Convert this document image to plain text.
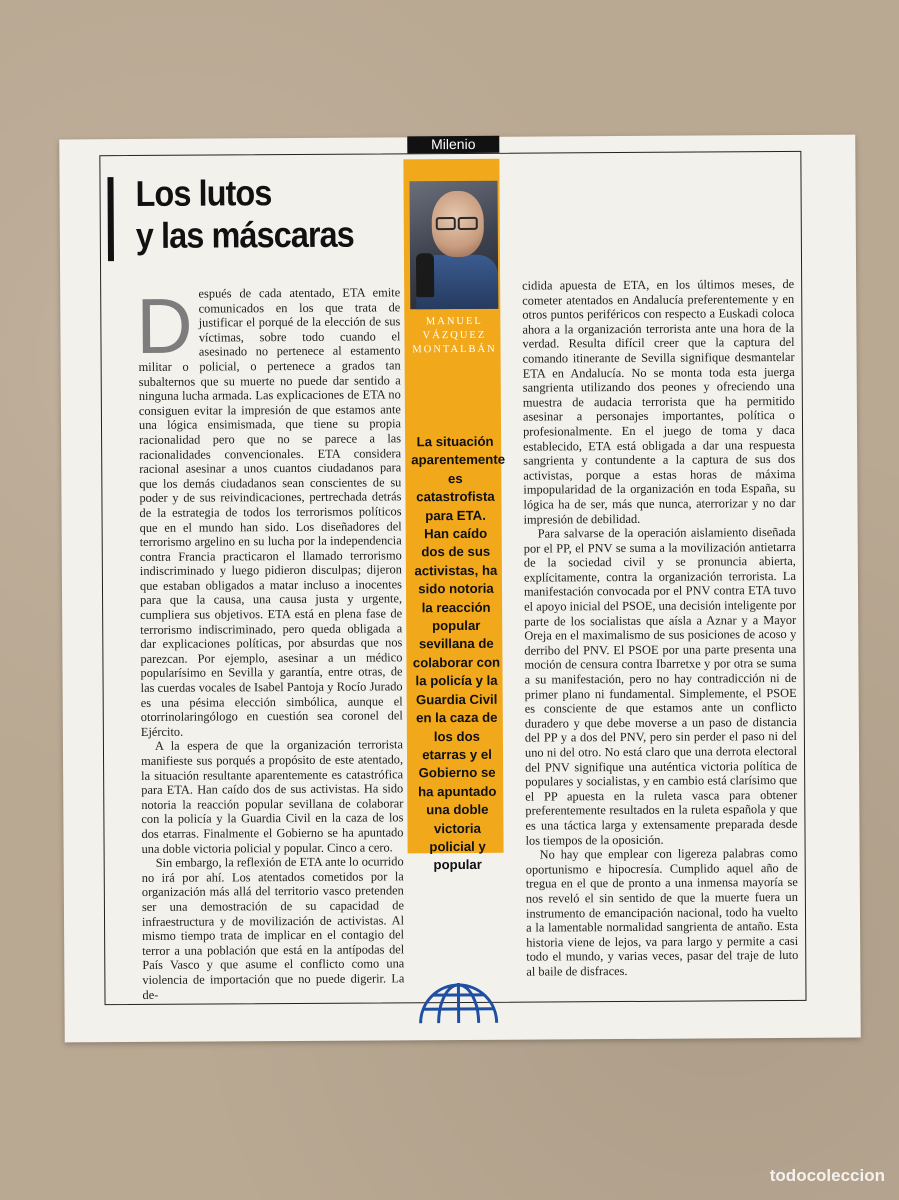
Milenio
Los lutos
y las máscaras
MANUEL
VÁZQUEZ
MONTALBÁN
La situación aparentemente es catastrofista para ETA. Han caído dos de sus activistas, ha sido notoria la reacción popular sevillana de colaborar con la policía y la Guardia Civil en la caza de los dos etarras y el Gobierno se ha apuntado una doble victoria policial y popular

Después de cada atentado, ETA emite comunicados en los que trata de justificar el porqué de la elección de sus víctimas, sobre todo cuando el asesinado no pertenece al estamento militar o policial, o pertenece a grados tan subalternos que su muerte no puede dar sentido a ninguna lucha armada. Las explicaciones de ETA no consiguen evitar la impresión de que estamos ante una lógica ensimismada, que tiene su propia racionalidad pero que no se parece a las racionalidades convencionales. ETA considera racional asesinar a unos cuantos ciudadanos para que los demás ciudadanos sean conscientes de su poder y de sus reivindicaciones, pertrechada detrás de la estrategia de todos los terrorismos políticos que en el mundo han sido. Los diseñadores del terrorismo argelino en su lucha por la independencia contra Francia practicaron el llamado terrorismo indiscriminado y luego pidieron disculpas; dijeron que estaban obligados a matar incluso a inocentes para que la causa, una causa justa y urgente, cumpliera sus objetivos. ETA está en plena fase de terrorismo indiscriminado, pero queda obligada a dar explicaciones políticas, por absurdas que nos parezcan. Por ejemplo, asesinar a un médico popularísimo en Sevilla y garantía, entre otras, de las cuerdas vocales de Isabel Pantoja y Rocío Jurado es una pésima elección simbólica, aunque el otorrinolaringólogo en cuestión sea coronel del Ejército.

A la espera de que la organización terrorista manifieste sus porqués a propósito de este atentado, la situación resultante aparentemente es catastrófica para ETA. Han caído dos de sus activistas. Ha sido notoria la reacción popular sevillana de colaborar con la policía y la Guardia Civil en la caza de los dos etarras. Finalmente el Gobierno se ha apuntado una doble victoria policial y popular. Cinco a cero.

Sin embargo, la reflexión de ETA ante lo ocurrido no irá por ahí. Los atentados cometidos por la organización más allá del territorio vasco pretenden ser una demostración de su capacidad de infraestructura y de movilización de activistas. Al mismo tiempo trata de implicar en el contagio del terror a una población que está en la antípodas del País Vasco y que asume el conflicto como una violencia de importación que no puede digerir. La de-

cidida apuesta de ETA, en los últimos meses, de cometer atentados en Andalucía preferentemente y en otros puntos periféricos con respecto a Euskadi coloca ahora a la organización terrorista ante una hora de la verdad. Resulta difícil creer que la captura del comando itinerante de Sevilla signifique desmantelar ETA en Andalucía. No se monta toda esta juerga sangrienta utilizando dos peones y ofreciendo una muestra de audacia terrorista que ha permitido asesinar a personajes importantes, política o profesionalmente. En el juego de toma y daca establecido, ETA está obligada a dar una respuesta sangrienta y contundente a la captura de sus dos activistas, porque a estas horas de máxima impopularidad de la organización en toda España, su lógica ha de ser, más que nunca, aterrorizar y no dar impresión de debilidad.

Para salvarse de la operación aislamiento diseñada por el PP, el PNV se suma a la movilización antietarra de la sociedad civil y se pronuncia abierta, explícitamente, contra la organización terrorista. La manifestación convocada por el PNV contra ETA tuvo el apoyo inicial del PSOE, una decisión inteligente por parte de los socialistas que aísla a Aznar y a Mayor Oreja en el maximalismo de sus posiciones de acoso y derribo del PNV. El PSOE por una parte presenta una moción de censura contra Ibarretxe y por otra se suma a su manifestación, pero no hay contradicción ni de primer plano ni fundamental. Simplemente, el PSOE es consciente de que estamos ante un conflicto duradero y que debe moverse a un paso de distancia del PP y a dos del PNV, pero sin perder el paso ni del uno ni del otro. No está claro que una derrota electoral del PNV signifique una auténtica victoria política de populares y socialistas, y en cambio está clarísimo que el PP apuesta en la ruleta vasca para obtener preferentemente resultados en la ruleta española y que es una táctica larga y extensamente preparada desde los tiempos de la oposición.

No hay que emplear con ligereza palabras como oportunismo e hipocresía. Cumplido aquel año de tregua en el que de pronto a una inmensa mayoría se nos reveló el sin sentido de que la muerte fuera un instrumento de emancipación nacional, todo ha vuelto a la lamentable normalidad sangrienta de antaño. Esta historia viene de lejos, va para largo y permite a casi todo el mundo, y varias veces, pasar del traje de luto al baile de disfraces.

todocoleccion
